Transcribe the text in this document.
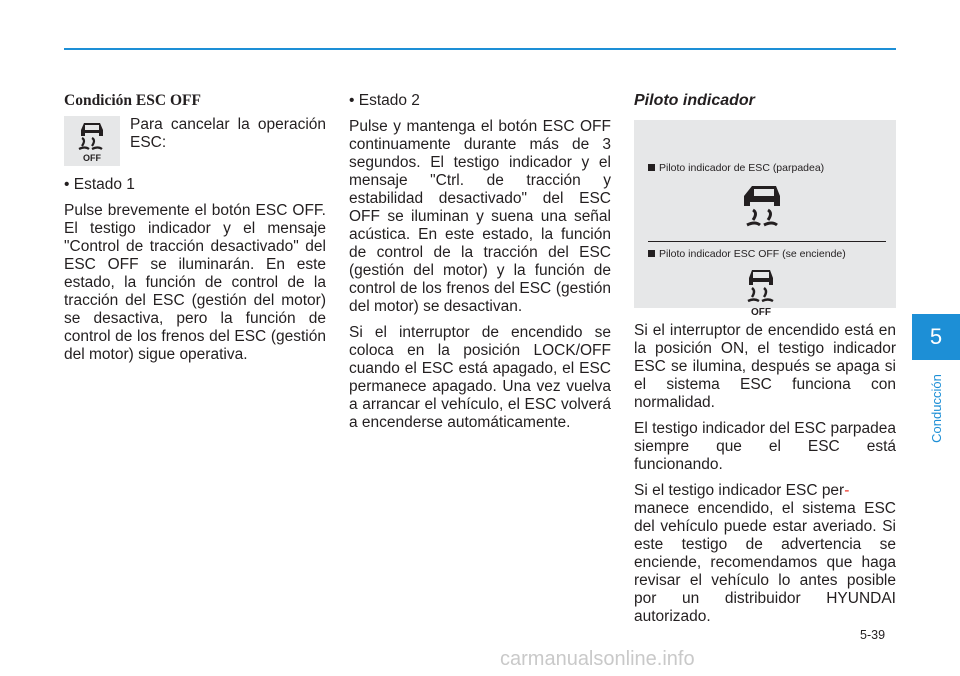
Condición ESC OFF
OFF
Para cancelar la operación ESC:

• Estado 1

Pulse brevemente el botón ESC OFF. El testigo indicador y el mensaje "Control de tracción desactivado" del ESC OFF se iluminarán. En este estado, la función de control de la tracción del ESC (gestión del motor) se desactiva, pero la función de control de los frenos del ESC (gestión del motor) sigue operativa.

• Estado 2

Pulse y mantenga el botón ESC OFF continuamente durante más de 3 segundos. El testigo indicador y el mensaje "Ctrl. de tracción y estabilidad desactivado" del ESC OFF se iluminan y suena una señal acústica. En este estado, la función de control de la tracción del ESC (gestión del motor) y la función de control de los frenos del ESC (gestión del motor) se desactivan.

Si el interruptor de encendido se coloca en la posición LOCK/OFF cuando el ESC está apagado, el ESC permanece apagado. Una vez vuelva a arrancar el vehículo, el ESC volverá a encenderse automáticamente.

Piloto indicador
Piloto indicador de ESC (parpadea)
Piloto indicador ESC OFF (se enciende)
OFF

Si el interruptor de encendido está en la posición ON, el testigo indicador ESC se ilumina, después se apaga si el sistema ESC funciona con normalidad.

El testigo indicador del ESC parpadea siempre que el ESC está funcionando.

Si el testigo indicador ESC per-
manece encendido, el sistema ESC del vehículo puede estar averiado. Si este testigo de advertencia se enciende, recomendamos que haga revisar el vehículo lo antes posible por un distribuidor HYUNDAI autorizado.

5
Conducción
5-39
carmanualsonline.info
